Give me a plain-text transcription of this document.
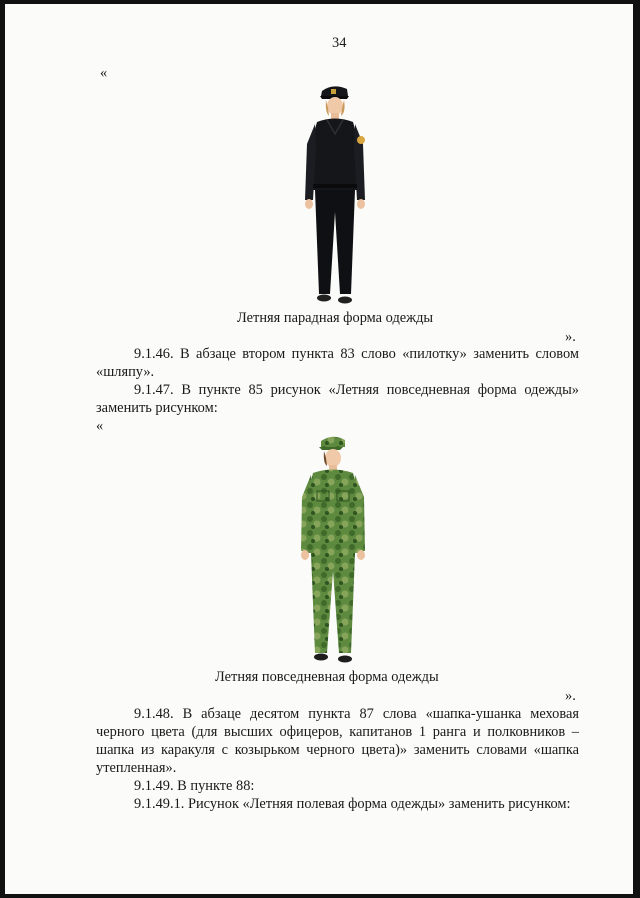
34
«
Летняя парадная форма одежды
».
9.1.46. В абзаце втором пункта 83 слово «пилотку» заменить словом
«шляпу».
9.1.47. В пункте 85 рисунок «Летняя повседневная форма одежды»
заменить рисунком:
«
Летняя повседневная форма одежды
».
9.1.48. В абзаце десятом пункта 87 слова «шапка-ушанка меховая
черного цвета (для высших офицеров, капитанов 1 ранга и полковников –
шапка из каракуля с козырьком черного цвета)» заменить словами «шапка
утепленная».
9.1.49. В пункте 88:
9.1.49.1. Рисунок «Летняя полевая форма одежды» заменить рисунком:
